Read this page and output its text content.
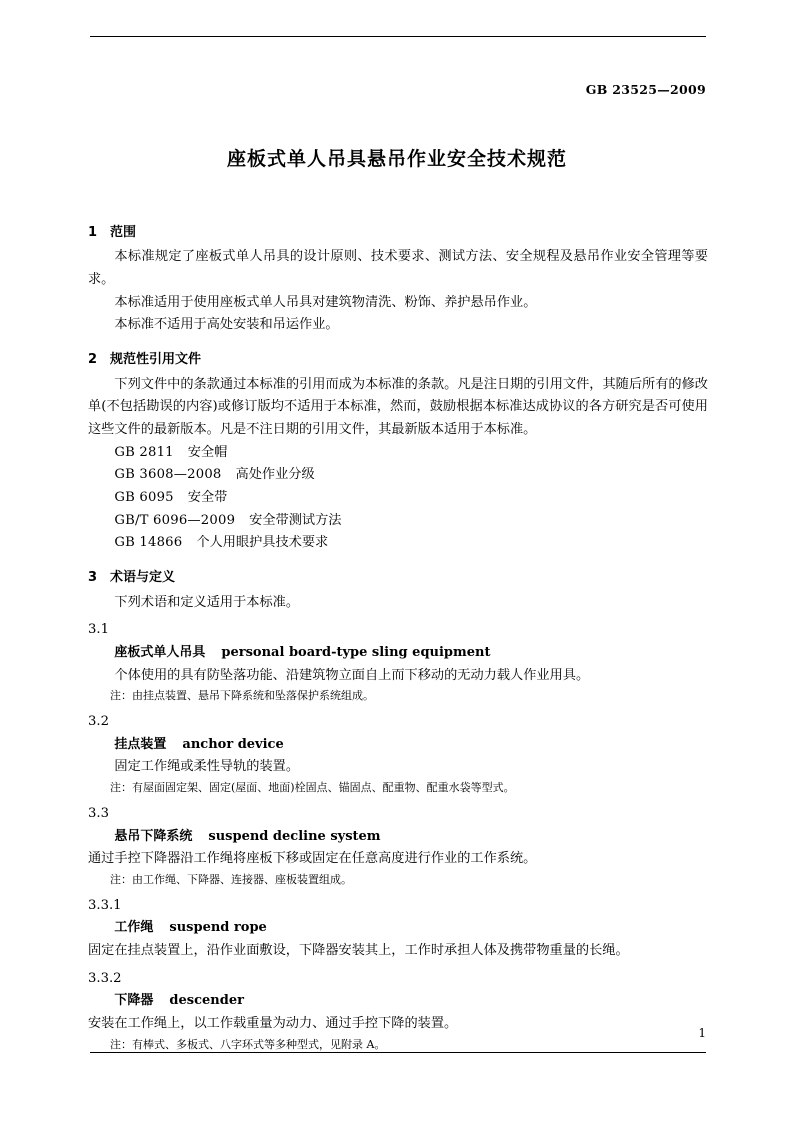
GB 23525—2009
座板式单人吊具悬吊作业安全技术规范
1 范围

本标准规定了座板式单人吊具的设计原则、技术要求、测试方法、安全规程及悬吊作业安全管理等要求。

本标准适用于使用座板式单人吊具对建筑物清洗、粉饰、养护悬吊作业。

本标准不适用于高处安装和吊运作业。

2 规范性引用文件

下列文件中的条款通过本标准的引用而成为本标准的条款。凡是注日期的引用文件，其随后所有的修改单(不包括勘误的内容)或修订版均不适用于本标准，然而，鼓励根据本标准达成协议的各方研究是否可使用这些文件的最新版本。凡是不注日期的引用文件，其最新版本适用于本标准。

GB 2811 安全帽

GB 3608—2008 高处作业分级

GB 6095 安全带

GB/T 6096—2009 安全带测试方法

GB 14866 个人用眼护具技术要求

3 术语与定义

下列术语和定义适用于本标准。

3.1

座板式单人吊具 personal board-type sling equipment

个体使用的具有防坠落功能、沿建筑物立面自上而下移动的无动力载人作业用具。

注：由挂点装置、悬吊下降系统和坠落保护系统组成。

3.2

挂点装置 anchor device

固定工作绳或柔性导轨的装置。

注：有屋面固定架、固定(屋面、地面)栓固点、锚固点、配重物、配重水袋等型式。

3.3

悬吊下降系统 suspend decline system

通过手控下降器沿工作绳将座板下移或固定在任意高度进行作业的工作系统。

注：由工作绳、下降器、连接器、座板装置组成。

3.3.1

工作绳 suspend rope

固定在挂点装置上，沿作业面敷设，下降器安装其上，工作时承担人体及携带物重量的长绳。

3.3.2

下降器 descender

安装在工作绳上，以工作载重量为动力、通过手控下降的装置。

注：有棒式、多板式、八字环式等多种型式，见附录 A。

1
